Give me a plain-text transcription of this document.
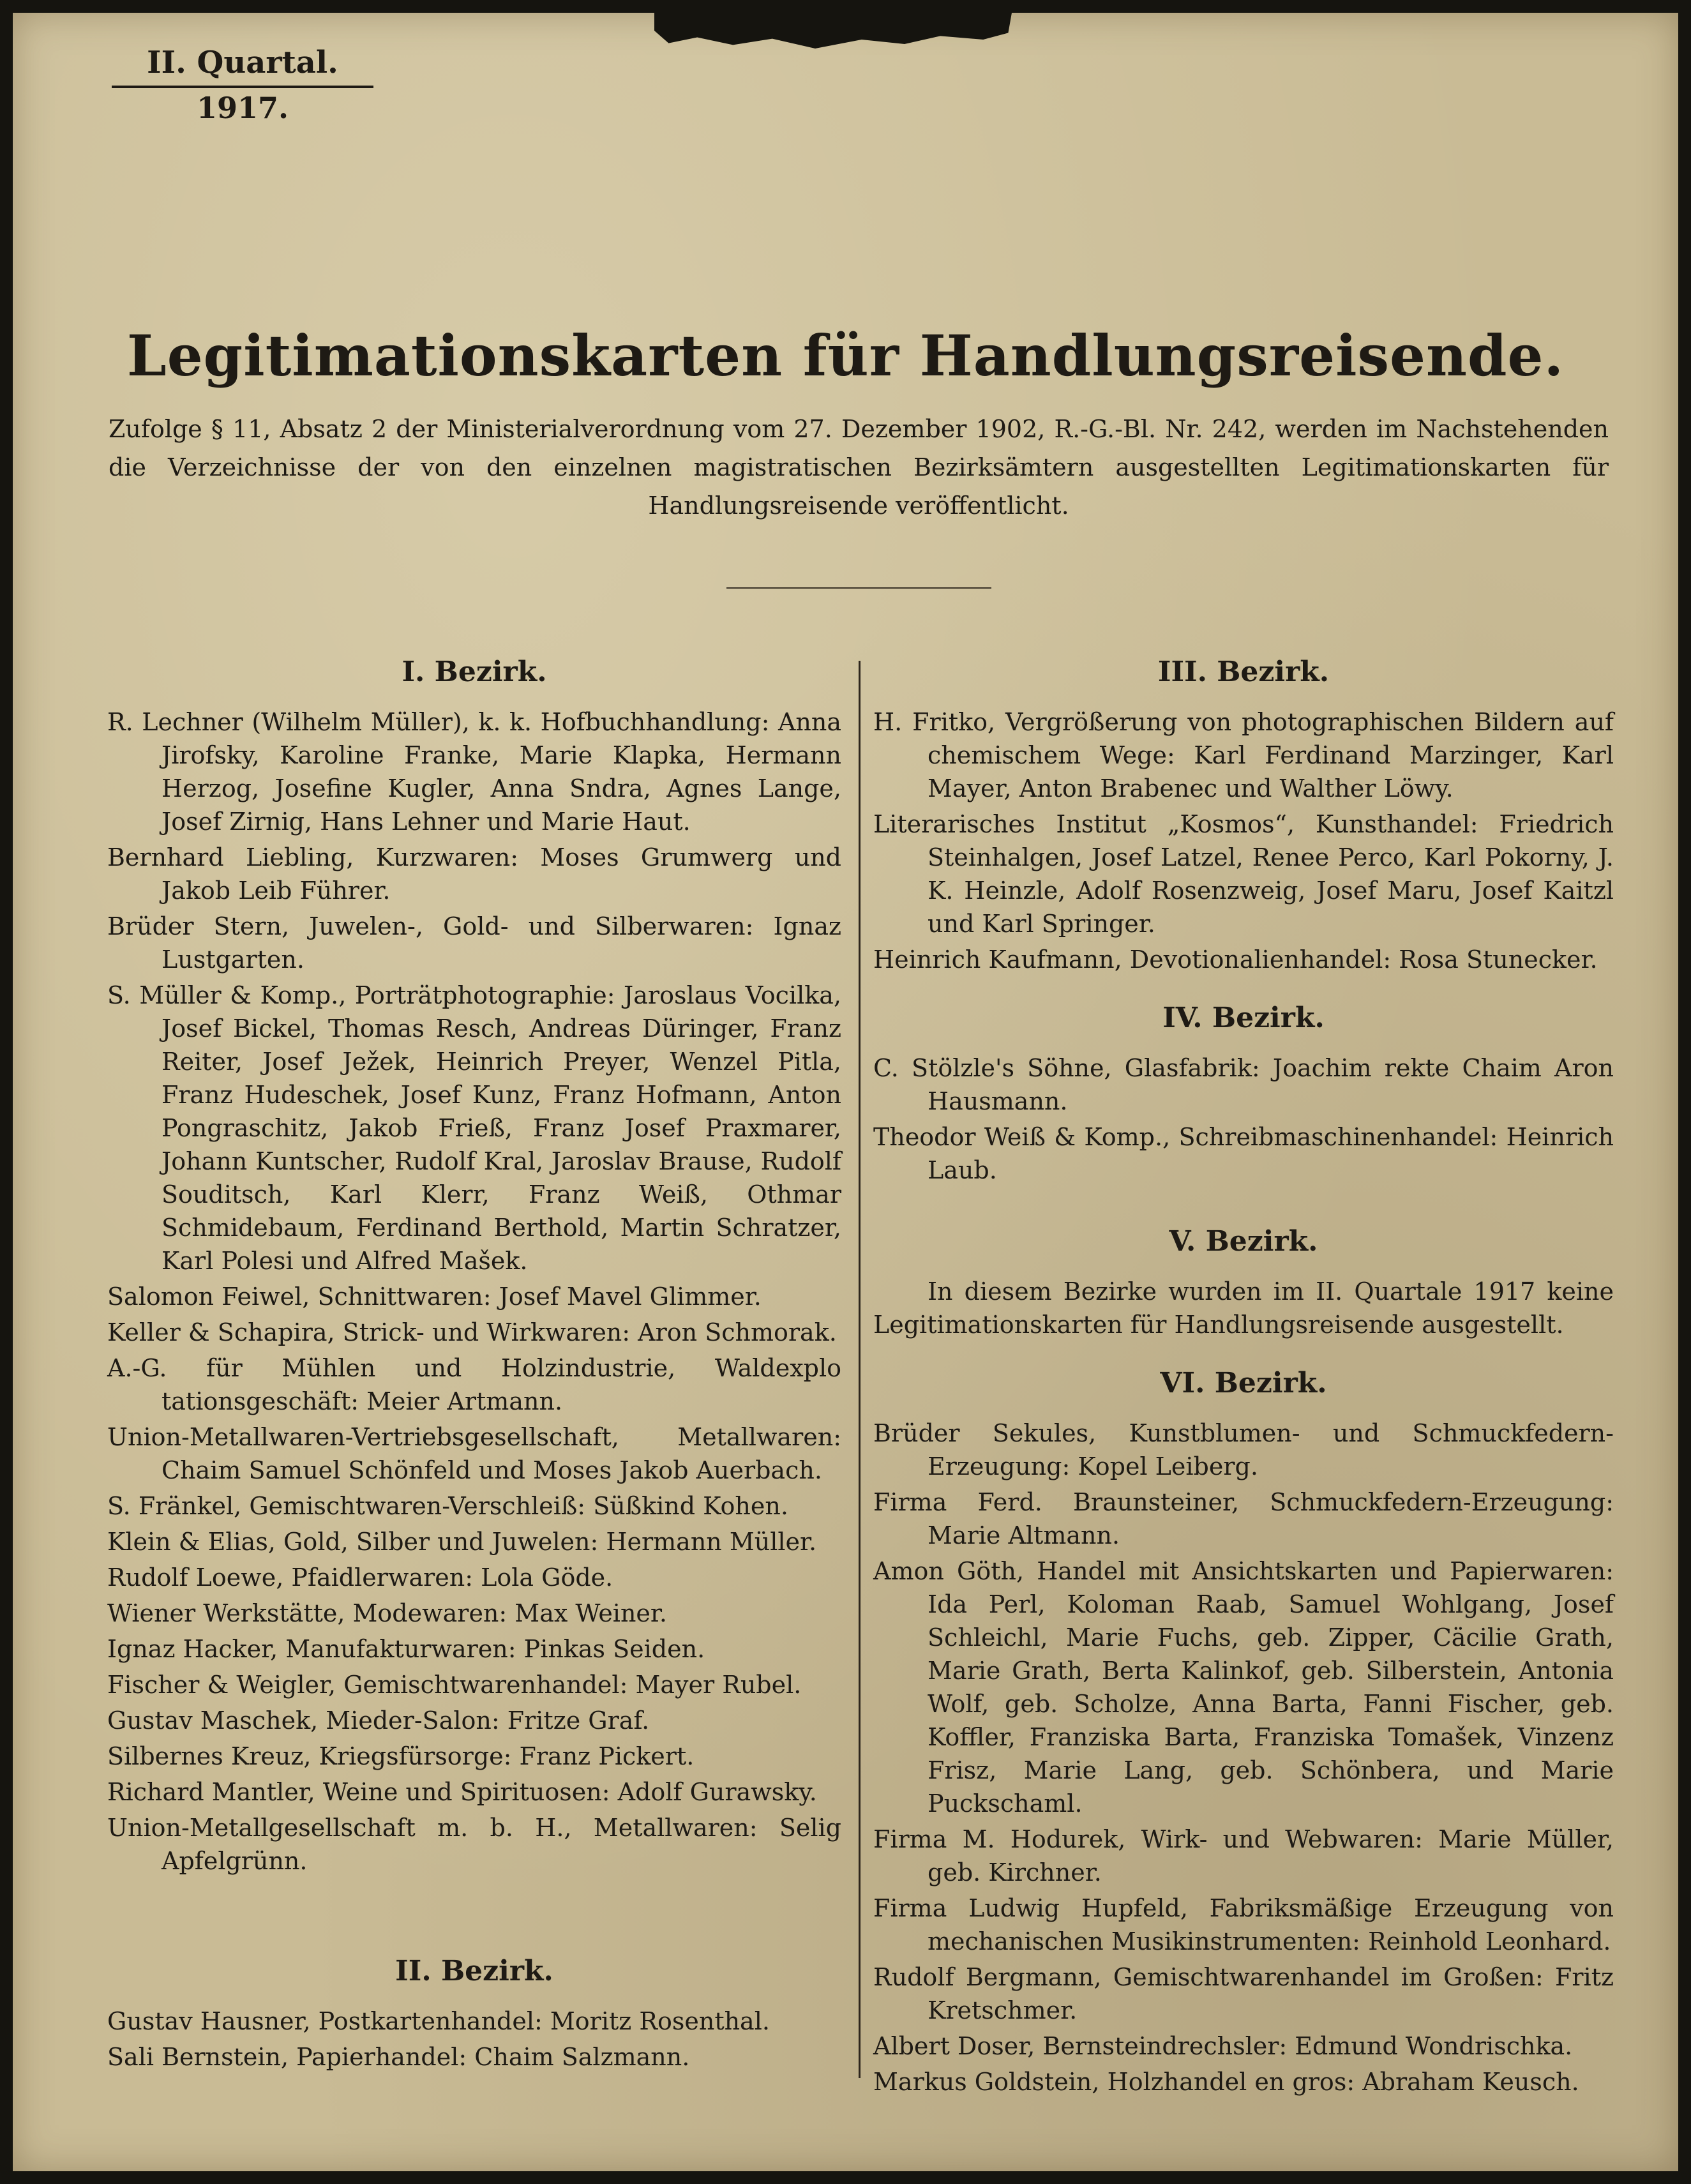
II. Quartal.
1917.
Legitimationskarten für Handlungsreisende.
Zufolge § 11, Absatz 2 der Ministerialverordnung vom 27. Dezember 1902, R.-G.-Bl. Nr. 242, werden im Nachstehenden die Verzeichnisse der von den einzelnen magistratischen Bezirksämtern ausgestellten Legitimationskarten für Handlungsreisende veröffentlicht.
I. Bezirk.
R. Lechner (Wilhelm Müller), k. k. Hofbuchhandlung: Anna Jirofsky, Karoline Franke, Marie Klapka, Hermann Herzog, Josefine Kugler, Anna Sndra, Agnes Lange, Josef Zirnig, Hans Lehner und Marie Haut.
Bernhard Liebling, Kurzwaren: Moses Grumwerg und Jakob Leib Führer.
Brüder Stern, Juwelen-, Gold- und Silberwaren: Ignaz Lustgarten.
S. Müller & Komp., Porträtphotographie: Jaroslaus Vocilka, Josef Bickel, Thomas Resch, Andreas Düringer, Franz Reiter, Josef Ježek, Heinrich Preyer, Wenzel Pitla, Franz Hudeschek, Josef Kunz, Franz Hofmann, Anton Pongraschitz, Jakob Frieß, Franz Josef Praxmarer, Johann Kuntscher, Rudolf Kral, Jaroslav Brause, Rudolf Souditsch, Karl Klerr, Franz Weiß, Othmar Schmidebaum, Ferdinand Berthold, Martin Schratzer, Karl Polesi und Alfred Mašek.
Salomon Feiwel, Schnittwaren: Josef Mavel Glimmer.
Keller & Schapira, Strick- und Wirkwaren: Aron Schmorak.
A.-G. für Mühlen und Holzindustrie, Waldexplo tationsgeschäft: Meier Artmann.
Union-Metallwaren-Vertriebsgesellschaft, Metallwaren: Chaim Samuel Schönfeld und Moses Jakob Auerbach.
S. Fränkel, Gemischtwaren-Verschleiß: Süßkind Kohen.
Klein & Elias, Gold, Silber und Juwelen: Hermann Müller.
Rudolf Loewe, Pfaidlerwaren: Lola Göde.
Wiener Werkstätte, Modewaren: Max Weiner.
Ignaz Hacker, Manufakturwaren: Pinkas Seiden.
Fischer & Weigler, Gemischtwarenhandel: Mayer Rubel.
Gustav Maschek, Mieder-Salon: Fritze Graf.
Silbernes Kreuz, Kriegsfürsorge: Franz Pickert.
Richard Mantler, Weine und Spirituosen: Adolf Gurawsky.
Union-Metallgesellschaft m. b. H., Metallwaren: Selig Apfelgrünn.
II. Bezirk.
Gustav Hausner, Postkartenhandel: Moritz Rosenthal.
Sali Bernstein, Papierhandel: Chaim Salzmann.
III. Bezirk.
H. Fritko, Vergrößerung von photographischen Bildern auf chemischem Wege: Karl Ferdinand Marzinger, Karl Mayer, Anton Brabenec und Walther Löwy.
Literarisches Institut „Kosmos“, Kunsthandel: Friedrich Steinhalgen, Josef Latzel, Renee Perco, Karl Pokorny, J. K. Heinzle, Adolf Rosenzweig, Josef Maru, Josef Kaitzl und Karl Springer.
Heinrich Kaufmann, Devotionalienhandel: Rosa Stunecker.
IV. Bezirk.
C. Stölzle's Söhne, Glasfabrik: Joachim rekte Chaim Aron Hausmann.
Theodor Weiß & Komp., Schreibmaschinenhandel: Heinrich Laub.
V. Bezirk.
In diesem Bezirke wurden im II. Quartale 1917 keine Legitimationskarten für Handlungsreisende ausgestellt.
VI. Bezirk.
Brüder Sekules, Kunstblumen- und Schmuckfedern-Erzeugung: Kopel Leiberg.
Firma Ferd. Braunsteiner, Schmuckfedern-Erzeugung: Marie Altmann.
Amon Göth, Handel mit Ansichtskarten und Papierwaren: Ida Perl, Koloman Raab, Samuel Wohlgang, Josef Schleichl, Marie Fuchs, geb. Zipper, Cäcilie Grath, Marie Grath, Berta Kalinkof, geb. Silberstein, Antonia Wolf, geb. Scholze, Anna Barta, Fanni Fischer, geb. Koffler, Franziska Barta, Franziska Tomašek, Vinzenz Frisz, Marie Lang, geb. Schönbera, und Marie Puckschaml.
Firma M. Hodurek, Wirk- und Webwaren: Marie Müller, geb. Kirchner.
Firma Ludwig Hupfeld, Fabriksmäßige Erzeugung von mechanischen Musikinstrumenten: Reinhold Leonhard.
Rudolf Bergmann, Gemischtwarenhandel im Großen: Fritz Kretschmer.
Albert Doser, Bernsteindrechsler: Edmund Wondrischka.
Markus Goldstein, Holzhandel en gros: Abraham Keusch.
